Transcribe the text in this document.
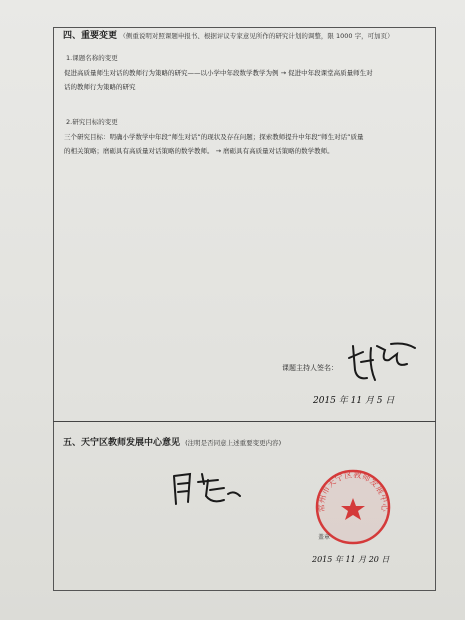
四、重要变更 （侧重说明对照课题申报书、根据评议专家意见所作的研究计划的调整，限 1000 字，可加页）
1.课题名称的变更
促进高质量师生对话的教师行为策略的研究——以小学中年段数学教学为例 → 促进中年段课堂高质量师生对
话的教师行为策略的研究
2.研究目标的变更
三个研究目标：明确小学数学中年段“师生对话”的现状及存在问题；探索教师提升中年段“师生对话”质量
的相关策略；磨砺具有高质量对话策略的数学教师。 → 磨砺具有高质量对话策略的数学教师。
课题主持人签名：
2015 年 11 月 5 日
五、天宁区教师发展中心意见 (注明是否同意上述重要变更内容)
常州市天宁区教师发展中心
盖章
2015 年 11 月 20 日
